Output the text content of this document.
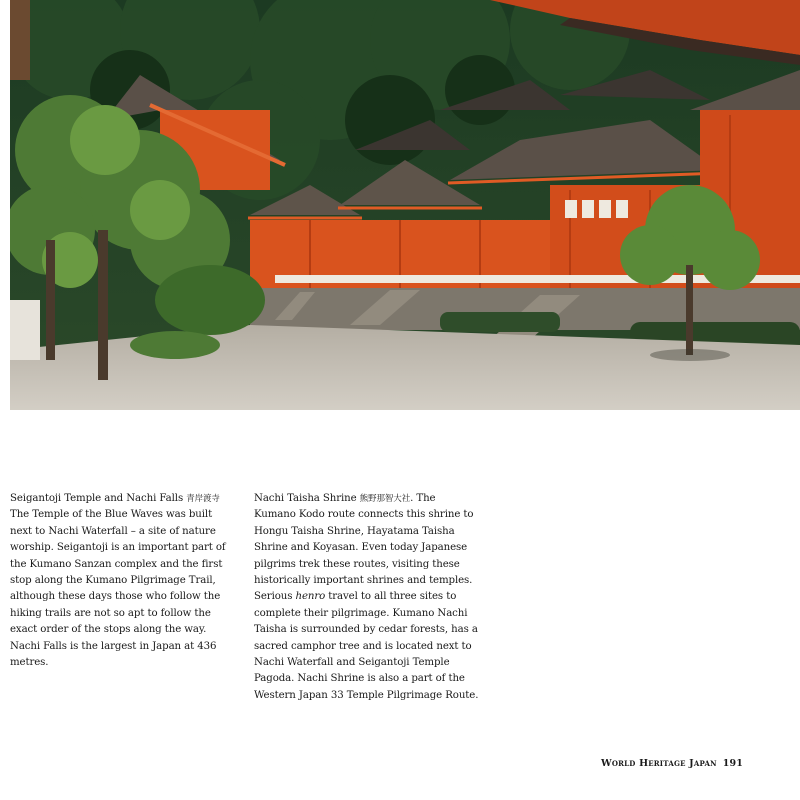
Seigantoji Temple and Nachi Falls 青岸渡寺 The Temple of the Blue Waves was built next to Nachi Waterfall – a site of nature worship. Seigantoji is an important part of the Kumano Sanzan complex and the first stop along the Kumano Pilgrimage Trail, although these days those who follow the hiking trails are not so apt to follow the exact order of the stops along the way. Nachi Falls is the largest in Japan at 436 metres.

Nachi Taisha Shrine 熊野那智大社. The Kumano Kodo route connects this shrine to Hongu Taisha Shrine, Hayatama Taisha Shrine and Koyasan. Even today Japanese pilgrims trek these routes, visiting these historically important shrines and temples. Serious henro travel to all three sites to complete their pilgrimage. Kumano Nachi Taisha is surrounded by cedar forests, has a sacred camphor tree and is located next to Nachi Waterfall and Seigantoji Temple Pagoda. Nachi Shrine is also a part of the Western Japan 33 Temple Pilgrimage Route.

World Heritage Japan 191
